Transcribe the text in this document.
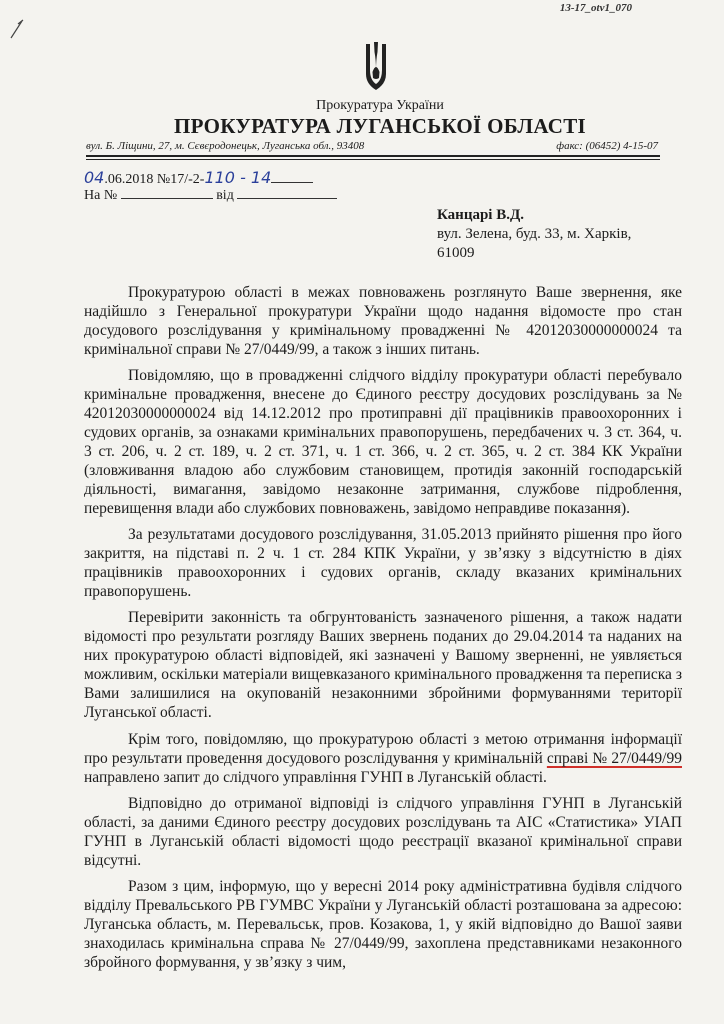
13-17_otv1_070
Прокуратура України
ПРОКУРАТУРА ЛУГАНСЬКОЇ ОБЛАСТІ
вул. Б. Ліщини, 27, м. Сєвєродонецьк, Луганська обл., 93408	факс: (06452) 4-15-07
04.06.2018 №17/-2-110 - 14
На №	від
Канцарі В.Д.
вул. Зелена, буд. 33, м. Харків,
61009

Прокуратурою області в межах повноважень розглянуто Ваше звернення, яке надійшло з Генеральної прокуратури України щодо надання відомосте про стан досудового розслідування у кримінальному провадженні № 42012030000000024 та кримінальної справи № 27/0449/99, а також з інших питань.

Повідомляю, що в провадженні слідчого відділу прокуратури області перебувало кримінальне провадження, внесене до Єдиного реєстру досудових розслідувань за № 42012030000000024 від 14.12.2012 про протиправні дії працівників правоохоронних і судових органів, за ознаками кримінальних правопорушень, передбачених ч. 3 ст. 364, ч. 3 ст. 206, ч. 2 ст. 189, ч. 2 ст. 371, ч. 1 ст. 366, ч. 2 ст. 365, ч. 2 ст. 384 КК України (зловживання владою або службовим становищем, протидія законній господарській діяльності, вимагання, завідомо незаконне затримання, службове підроблення, перевищення влади або службових повноважень, завідомо неправдиве показання).

За результатами досудового розслідування, 31.05.2013 прийнято рішення про його закриття, на підставі п. 2 ч. 1 ст. 284 КПК України, у зв’язку з відсутністю в діях працівників правоохоронних і судових органів, складу вказаних кримінальних правопорушень.

Перевірити законність та обгрунтованість зазначеного рішення, а також надати відомості про результати розгляду Ваших звернень поданих до 29.04.2014 та наданих на них прокуратурою області відповідей, які зазначені у Вашому зверненні, не уявляється можливим, оскільки матеріали вищевказаного кримінального провадження та переписка з Вами залишилися на окупованій незаконними збройними формуваннями території Луганської області.

Крім того, повідомляю, що прокуратурою області з метою отримання інформації про результати проведення досудового розслідування у кримінальній справі № 27/0449/99 направлено запит до слідчого управління ГУНП в Луганській області.

Відповідно до отриманої відповіді із слідчого управління ГУНП в Луганській області, за даними Єдиного реєстру досудових розслідувань та АІС «Статистика» УІАП ГУНП в Луганській області відомості щодо реєстрації вказаної кримінальної справи відсутні.

Разом з цим, інформую, що у вересні 2014 року адміністративна будівля слідчого відділу Превальського РВ ГУМВС України у Луганській області розташована за адресою: Луганська область, м. Перевальськ, пров. Козакова, 1, у якій відповідно до Вашої заяви знаходилась кримінальна справа № 27/0449/99, захоплена представниками незаконного збройного формування, у зв’язку з чим,
